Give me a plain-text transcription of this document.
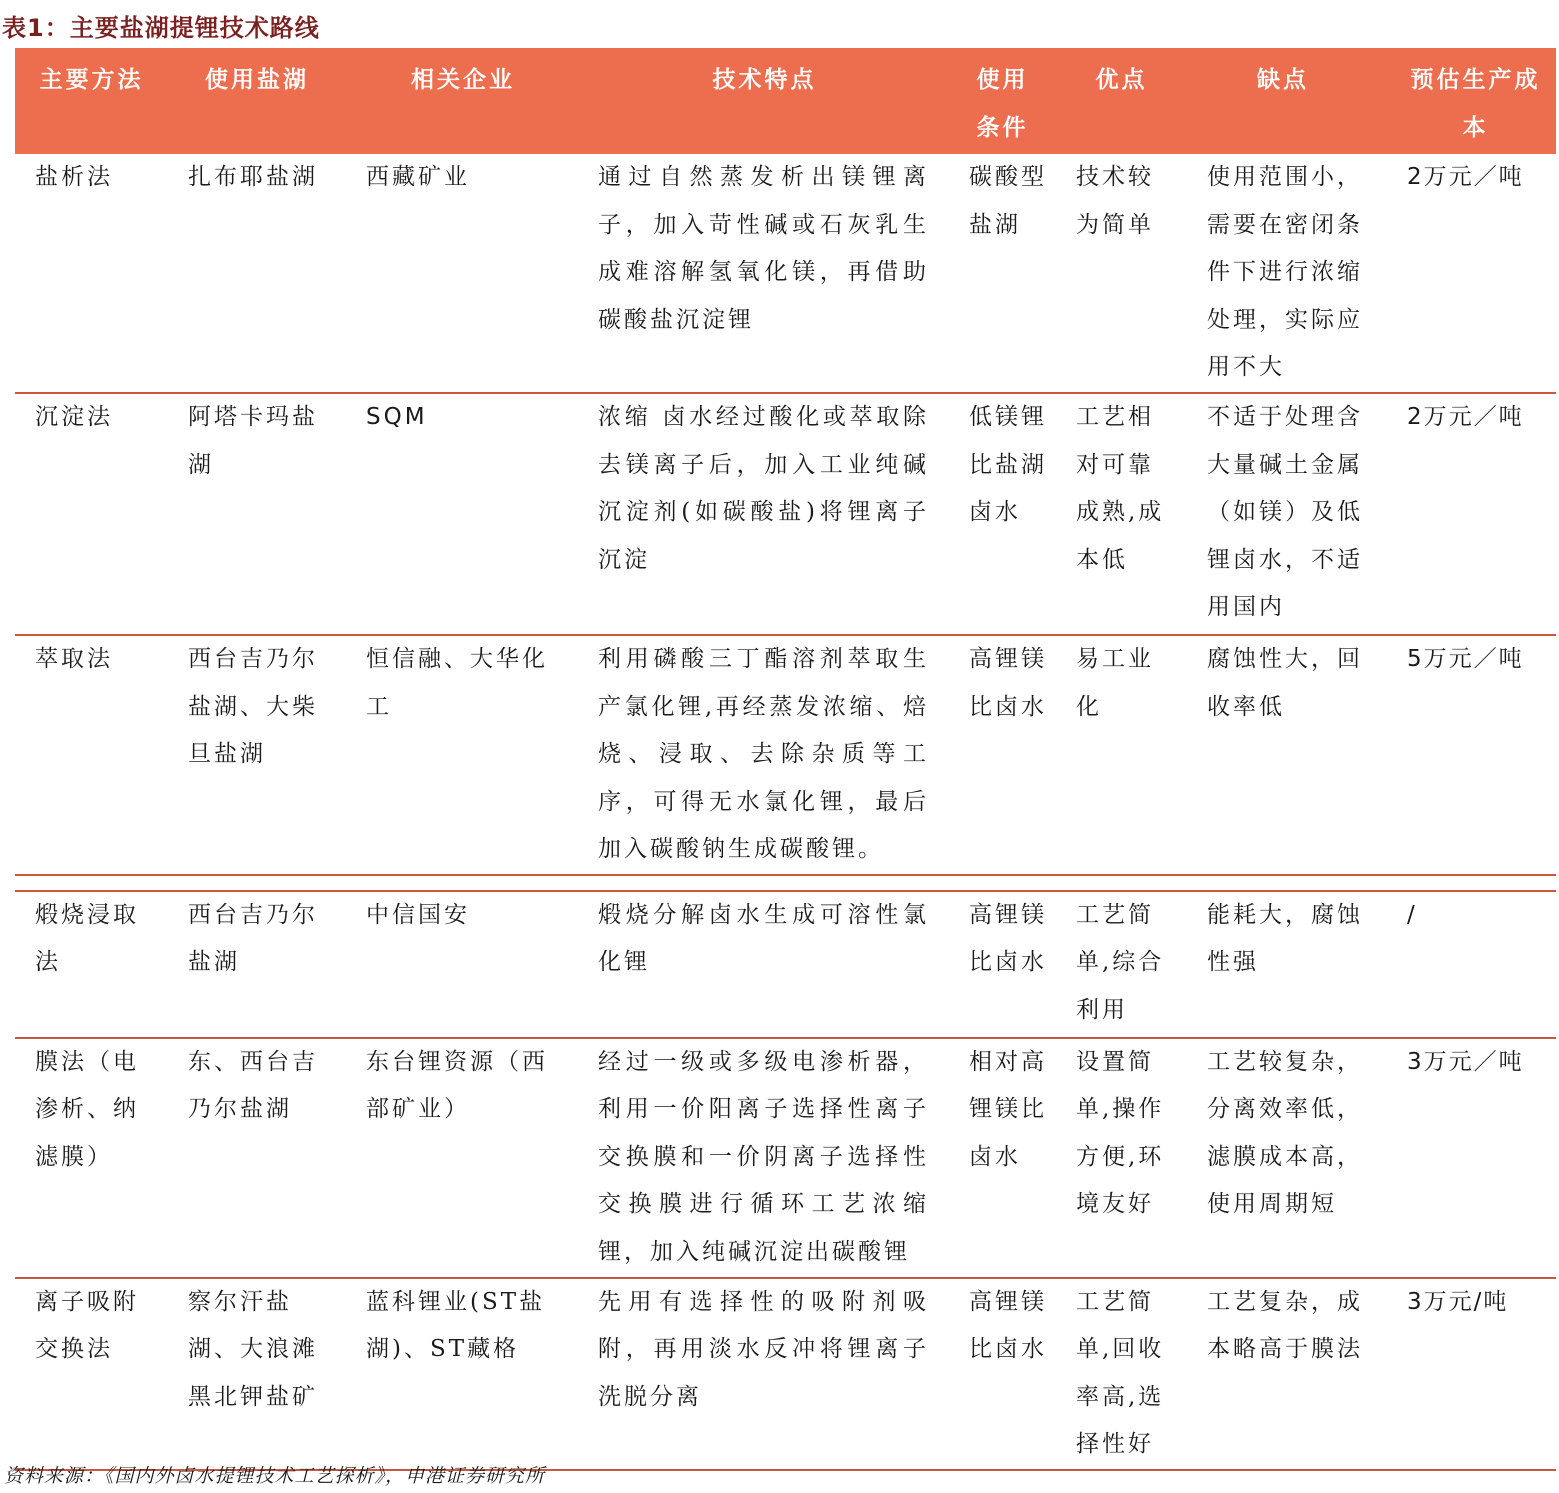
表1：主要盐湖提锂技术路线
主要方法	使用盐湖	相关企业	技术特点	使用条件	优点	缺点	预估生产成本
盐析法	扎布耶盐湖	西藏矿业	通过自然蒸发析出镁锂离子，加入苛性碱或石灰乳生成难溶解氢氧化镁，再借助碳酸盐沉淀锂	碳酸型盐湖	技术较为简单	使用范围小，需要在密闭条件下进行浓缩处理，实际应用不大	2万元／吨
沉淀法	阿塔卡玛盐湖	SQM	浓缩 卤水经过酸化或萃取除去镁离子后，加入工业纯碱沉淀剂(如碳酸盐)将锂离子沉淀	低镁锂比盐湖卤水	工艺相对可靠成熟,成本低	不适于处理含大量碱土金属（如镁）及低锂卤水，不适用国内	2万元／吨
萃取法	西台吉乃尔盐湖、大柴旦盐湖	恒信融、大华化工	利用磷酸三丁酯溶剂萃取生产氯化锂,再经蒸发浓缩、焙烧、浸取、去除杂质等工序，可得无水氯化锂，最后加入碳酸钠生成碳酸锂。	高锂镁比卤水	易工业化	腐蚀性大，回收率低	5万元／吨

煅烧浸取法	西台吉乃尔盐湖	中信国安	煅烧分解卤水生成可溶性氯化锂	高锂镁比卤水	工艺简单,综合利用	能耗大，腐蚀性强	/
膜法（电渗析、纳滤膜）	东、西台吉乃尔盐湖	东台锂资源（西部矿业）	经过一级或多级电渗析器，利用一价阳离子选择性离子交换膜和一价阴离子选择性交换膜进行循环工艺浓缩锂，加入纯碱沉淀出碳酸锂	相对高锂镁比卤水	设置简单,操作方便,环境友好	工艺较复杂，分离效率低，滤膜成本高，使用周期短	3万元／吨
离子吸附交换法	察尔汗盐湖、大浪滩黑北钾盐矿	蓝科锂业(ST盐湖)、ST藏格	先用有选择性的吸附剂吸附，再用淡水反冲将锂离子洗脱分离	高锂镁比卤水	工艺简单,回收率高,选择性好	工艺复杂，成本略高于膜法	3万元/吨
资料来源：《国内外卤水提锂技术工艺探析》，申港证券研究所
